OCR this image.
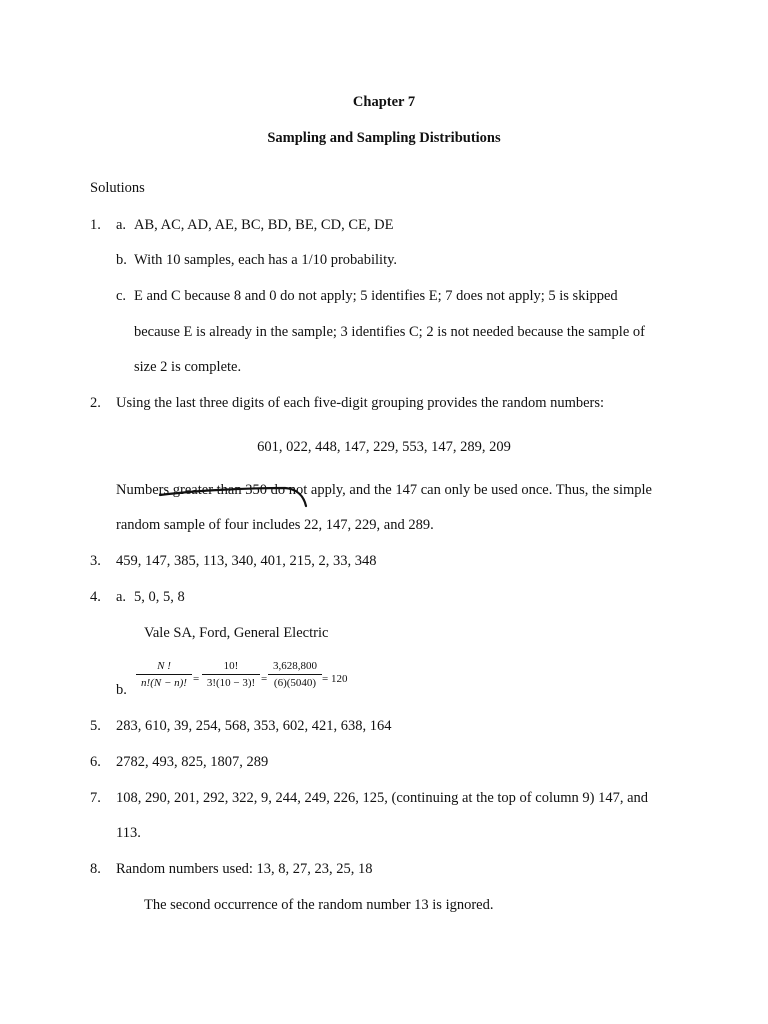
Chapter 7
Sampling and Sampling Distributions
Solutions
1. a. AB, AC, AD, AE, BC, BD, BE, CD, CE, DE
b. With 10 samples, each has a 1/10 probability.
c. E and C because 8 and 0 do not apply; 5 identifies E; 7 does not apply; 5 is skipped
because E is already in the sample; 3 identifies C; 2 is not needed because the sample of
size 2 is complete.
2. Using the last three digits of each five-digit grouping provides the random numbers:
601, 022, 448, 147, 229, 553, 147, 289, 209
Numbers greater than 350 do not apply, and the 147 can only be used once. Thus, the simple
random sample of four includes 22, 147, 229, and 289.
3. 459, 147, 385, 113, 340, 401, 215, 2, 33, 348
4. a. 5, 0, 5, 8
Vale SA, Ford, General Electric
b.
$\frac{N !}{n!(N - n)!} = \frac{10!}{3!(10 - 3)!} = \frac{3,628,800}{(6)(5040)} = 120$
5. 283, 610, 39, 254, 568, 353, 602, 421, 638, 164
6. 2782, 493, 825, 1807, 289
7. 108, 290, 201, 292, 322, 9, 244, 249, 226, 125, (continuing at the top of column 9) 147, and
113.
8. Random numbers used: 13, 8, 27, 23, 25, 18
The second occurrence of the random number 13 is ignored.
